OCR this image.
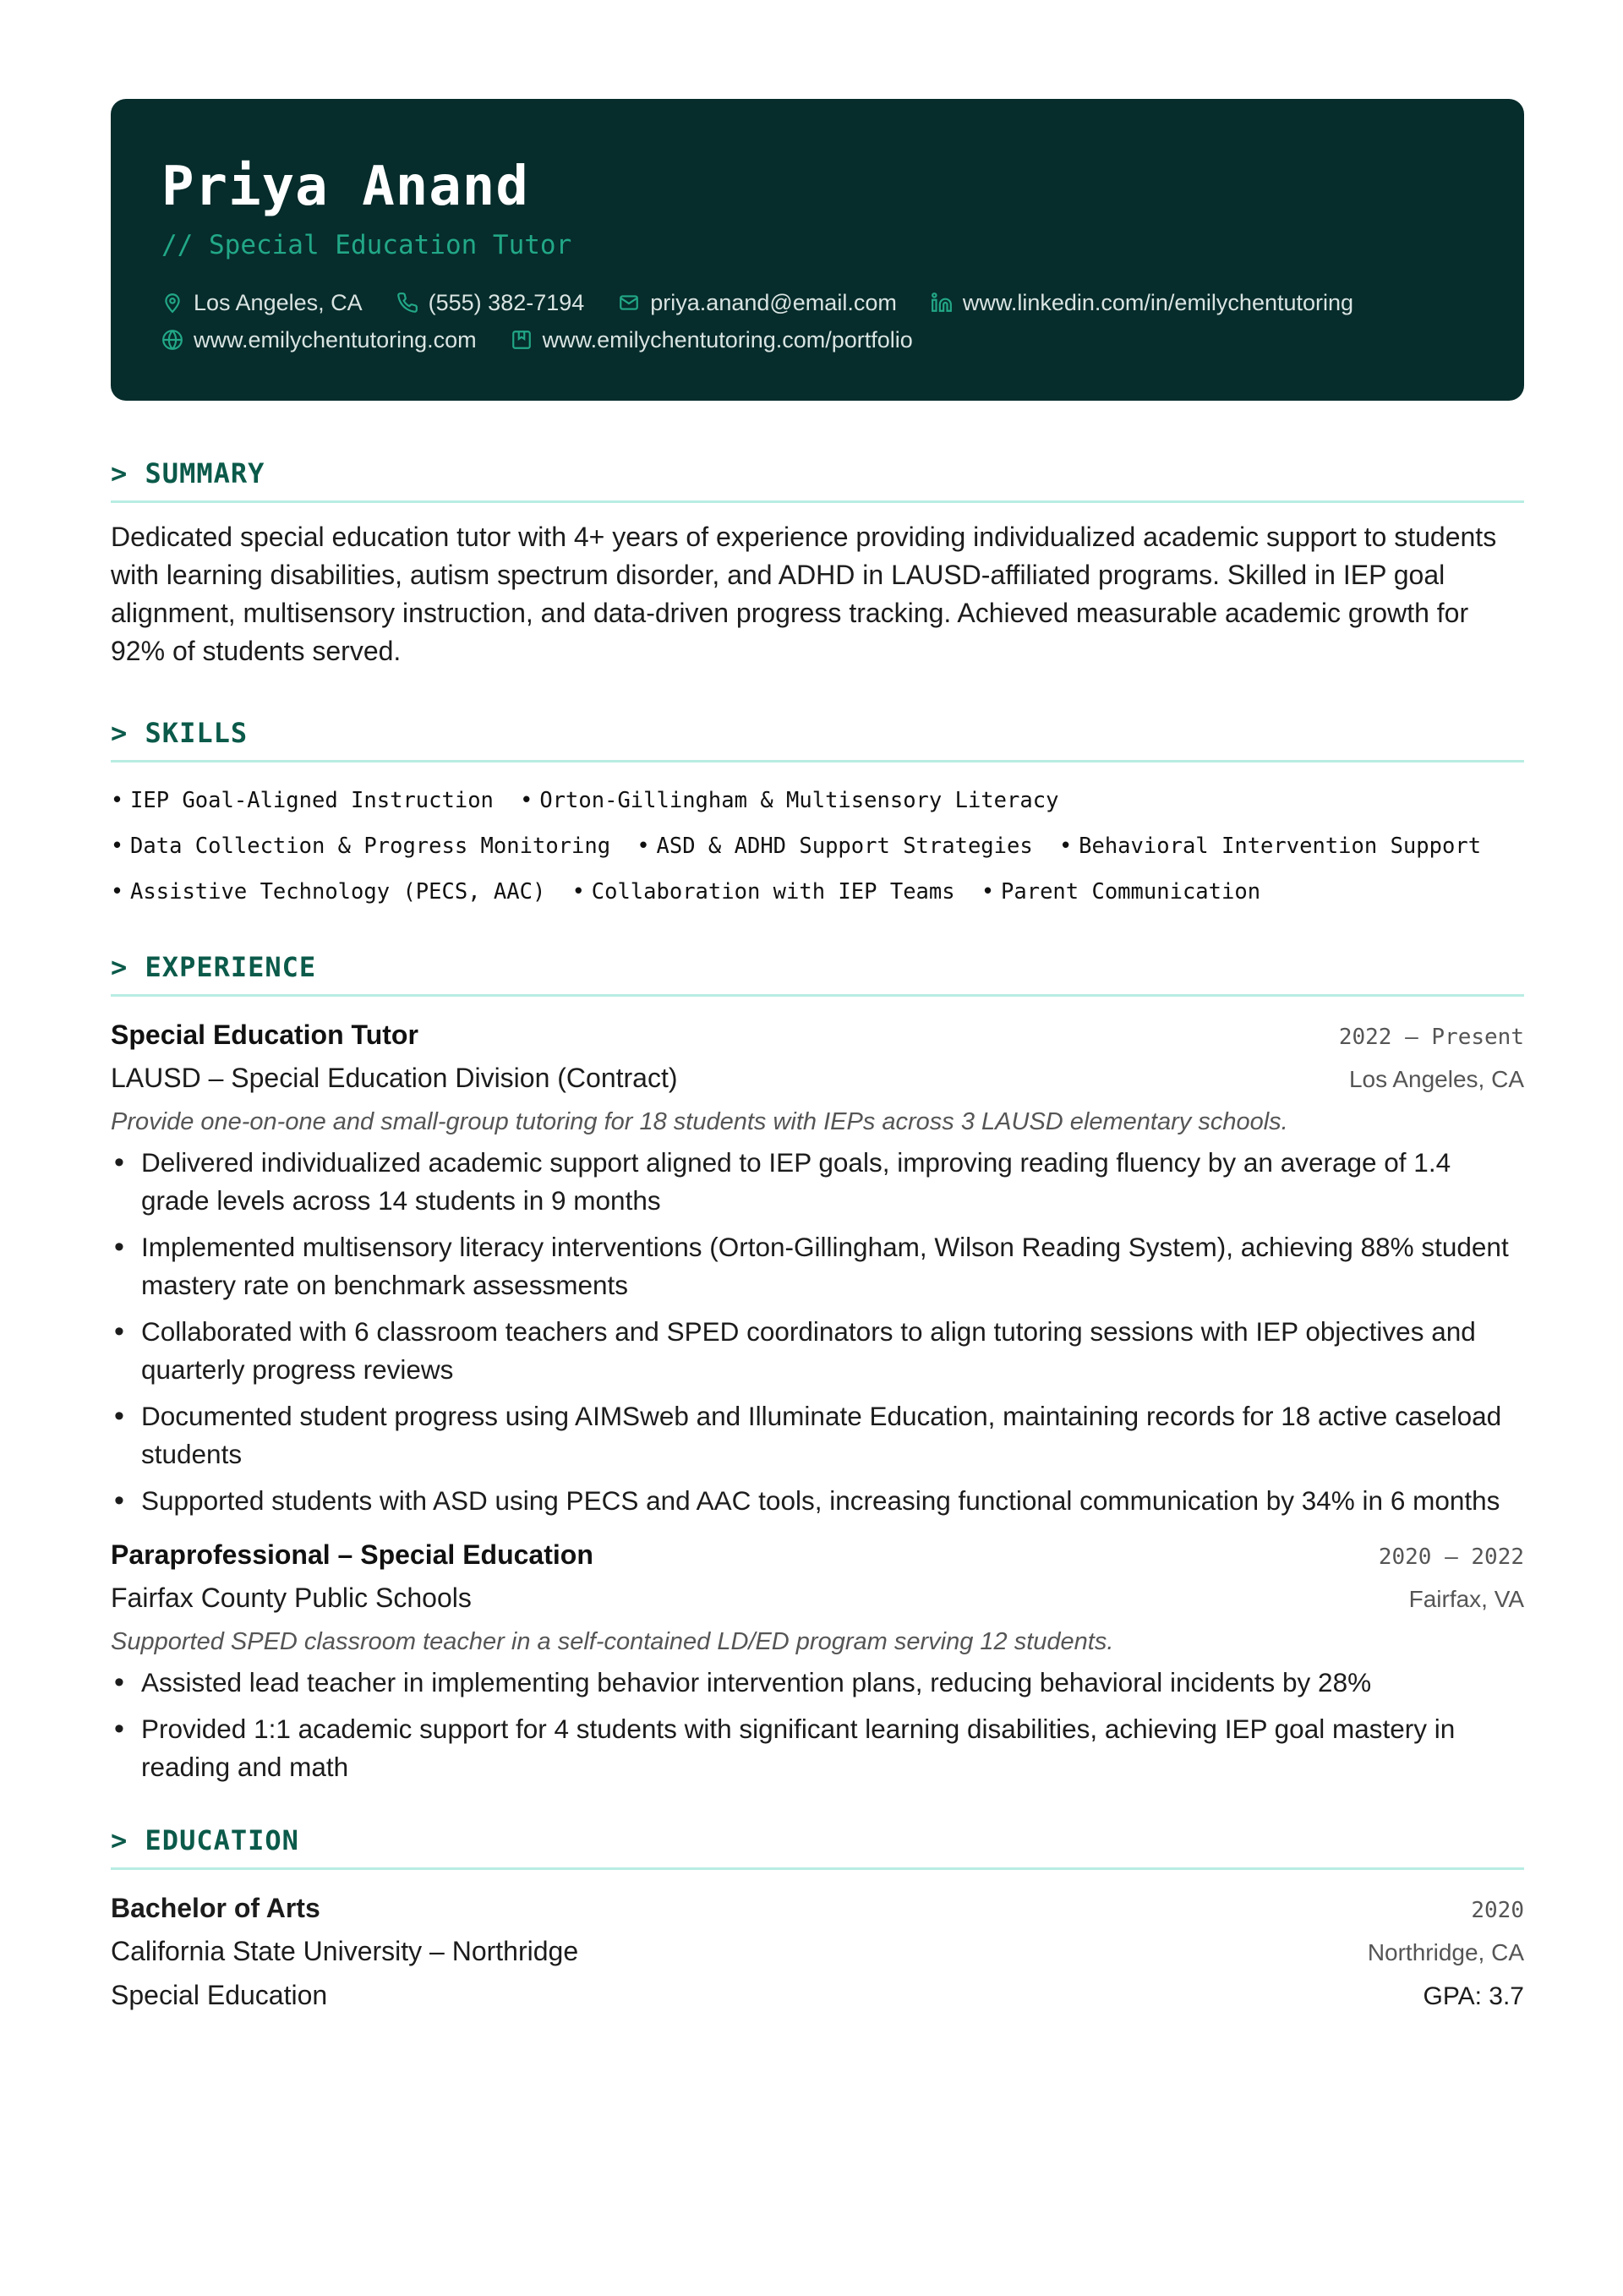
Priya Anand
// Special Education Tutor
Los Angeles, CA	(555) 382-7194	priya.anand@email.com	www.linkedin.com/in/emilychentutoring
www.emilychentutoring.com	www.emilychentutoring.com/portfolio
> SUMMARY
Dedicated special education tutor with 4+ years of experience providing individualized academic support to students with learning disabilities, autism spectrum disorder, and ADHD in LAUSD-affiliated programs. Skilled in IEP goal alignment, multisensory instruction, and data-driven progress tracking. Achieved measurable academic growth for 92% of students served.
> SKILLS
• IEP Goal-Aligned Instruction • Orton-Gillingham & Multisensory Literacy
• Data Collection & Progress Monitoring • ASD & ADHD Support Strategies • Behavioral Intervention Support
• Assistive Technology (PECS, AAC) • Collaboration with IEP Teams • Parent Communication
> EXPERIENCE
Special Education Tutor	2022 – Present
LAUSD – Special Education Division (Contract)	Los Angeles, CA
Provide one-on-one and small-group tutoring for 18 students with IEPs across 3 LAUSD elementary schools.
• Delivered individualized academic support aligned to IEP goals, improving reading fluency by an average of 1.4 grade levels across 14 students in 9 months
• Implemented multisensory literacy interventions (Orton-Gillingham, Wilson Reading System), achieving 88% student mastery rate on benchmark assessments
• Collaborated with 6 classroom teachers and SPED coordinators to align tutoring sessions with IEP objectives and quarterly progress reviews
• Documented student progress using AIMSweb and Illuminate Education, maintaining records for 18 active caseload students
• Supported students with ASD using PECS and AAC tools, increasing functional communication by 34% in 6 months
Paraprofessional – Special Education	2020 – 2022
Fairfax County Public Schools	Fairfax, VA
Supported SPED classroom teacher in a self-contained LD/ED program serving 12 students.
• Assisted lead teacher in implementing behavior intervention plans, reducing behavioral incidents by 28%
• Provided 1:1 academic support for 4 students with significant learning disabilities, achieving IEP goal mastery in reading and math
> EDUCATION
Bachelor of Arts	2020
California State University – Northridge	Northridge, CA
Special Education	GPA: 3.7
